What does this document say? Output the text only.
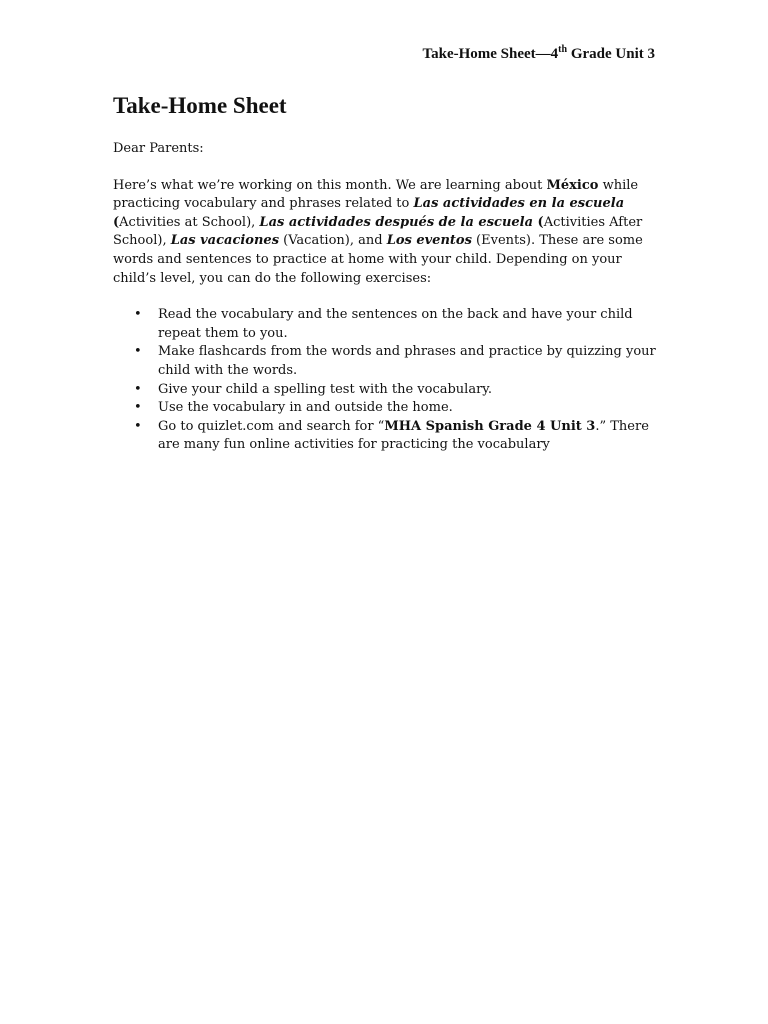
Take-Home Sheet—4th Grade Unit 3
Take-Home Sheet

Dear Parents:

Here’s what we’re working on this month. We are learning about México while practicing vocabulary and phrases related to Las actividades en la escuela (Activities at School), Las actividades después de la escuela (Activities After School), Las vacaciones (Vacation), and Los eventos (Events). These are some words and sentences to practice at home with your child. Depending on your child’s level, you can do the following exercises:

• Read the vocabulary and the sentences on the back and have your child repeat them to you.
• Make flashcards from the words and phrases and practice by quizzing your child with the words.
• Give your child a spelling test with the vocabulary.
• Use the vocabulary in and outside the home.
• Go to quizlet.com and search for “MHA Spanish Grade 4 Unit 3.” There are many fun online activities for practicing the vocabulary
